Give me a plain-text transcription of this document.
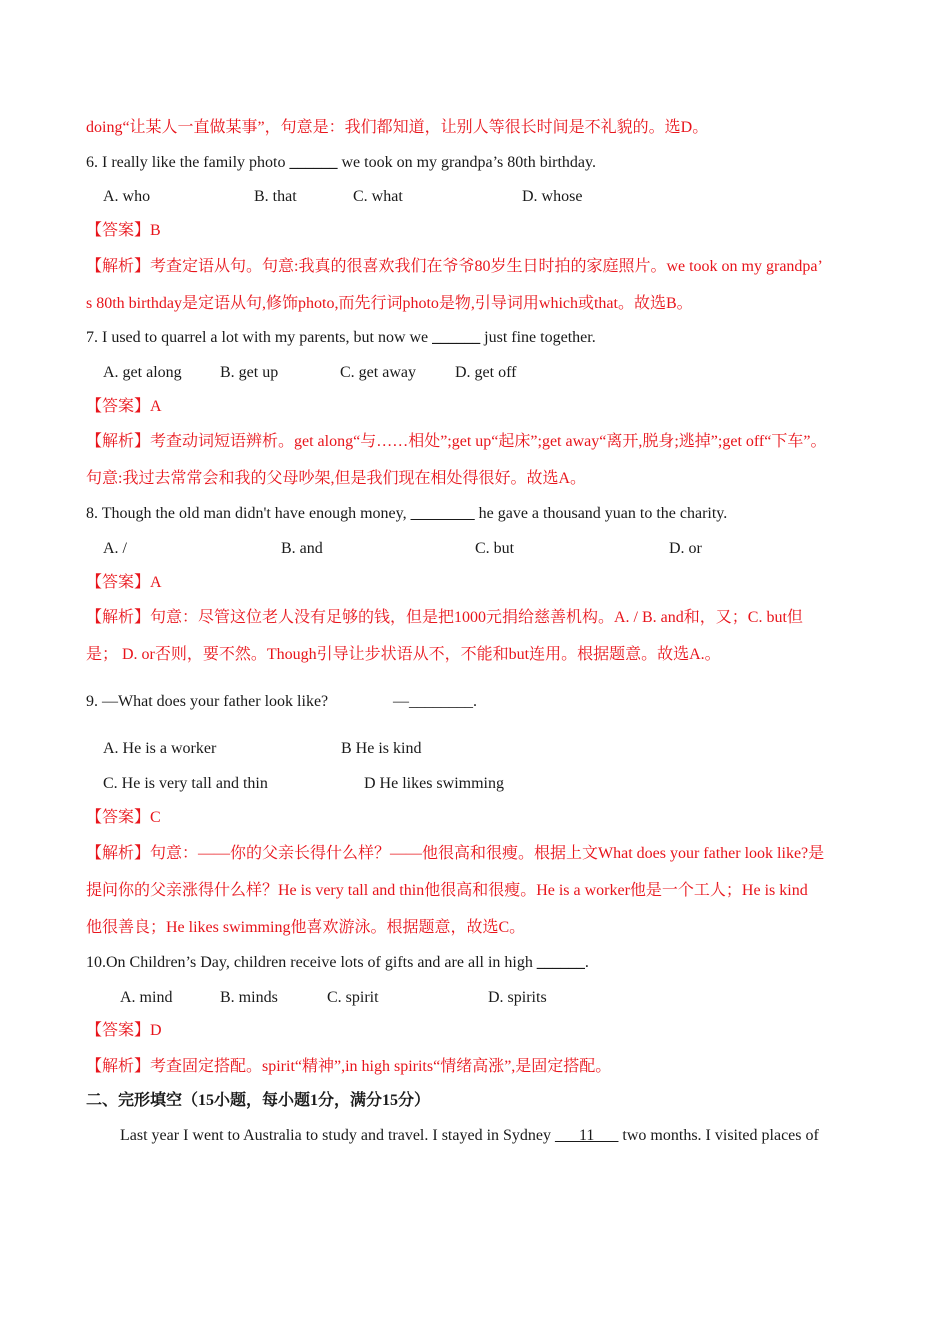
doing“让某人一直做某事”，句意是：我们都知道，让别人等很长时间是不礼貌的。选D。
6. I really like the family photo ______ we took on my grandpa’s 80th birthday.
A. who	B. that	C. what	D. whose
【答案】B
【解析】考查定语从句。句意:我真的很喜欢我们在爷爷80岁生日时拍的家庭照片。we took on my grandpa’
s 80th birthday是定语从句,修饰photo,而先行词photo是物,引导词用which或that。故选B。
7. I used to quarrel a lot with my parents, but now we ______ just fine together.
A. get along B. get up	C. get away D. get off
【答案】A
【解析】考查动词短语辨析。get along“与……相处”;get up“起床”;get away“离开,脱身;逃掉”;get off“下车”。
句意:我过去常常会和我的父母吵架,但是我们现在相处得很好。故选A。
8. Though the old man didn't have enough money, ________ he gave a thousand yuan to the charity.
A. /	B. and	C. but	D. or
【答案】A
【解析】句意：尽管这位老人没有足够的钱，但是把1000元捐给慈善机构。A. / B. and和，又；C. but但
是； D. or否则，要不然。Though引导让步状语从不，不能和but连用。根据题意。故选A.。
9. —What does your father look like?	—________.
A. He is a worker	B He is kind
C. He is very tall and thin	D He likes swimming
【答案】C
【解析】句意：——你的父亲长得什么样？——他很高和很瘦。根据上文What does your father look like?是
提问你的父亲涨得什么样？He is very tall and thin他很高和很瘦。He is a worker他是一个工人；He is kind
他很善良；He likes swimming他喜欢游泳。根据题意，故选C。
10.On Children’s Day, children receive lots of gifts and are all in high ______.
A. mind	B. minds	C. spirit	D. spirits
【答案】D
【解析】考查固定搭配。spirit“精神”,in high spirits“情绪高涨”,是固定搭配。
二、完形填空（15小题，每小题1分，满分15分）
Last year I went to Australia to study and travel. I stayed in Sydney ___11___ two months. I visited places of
